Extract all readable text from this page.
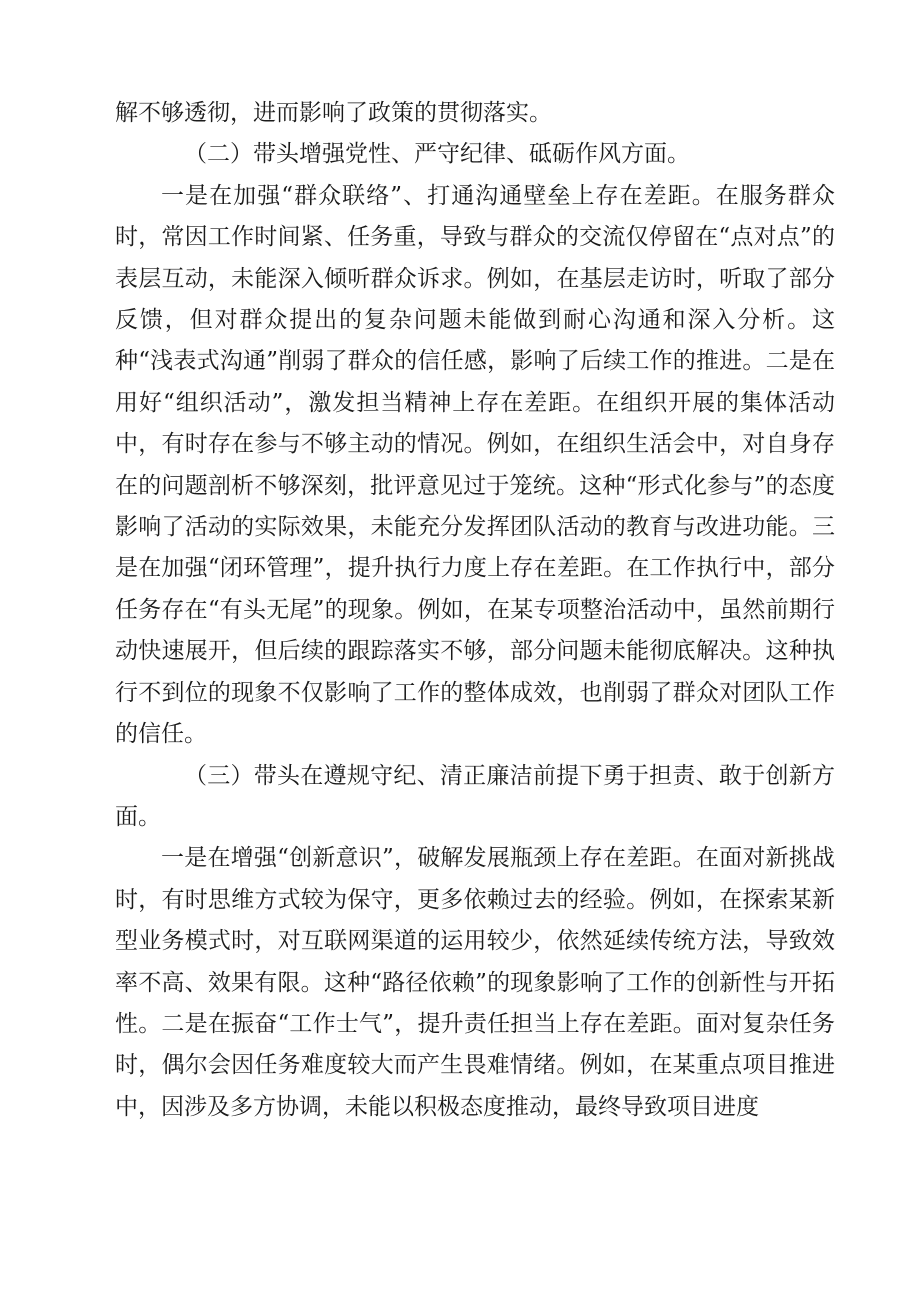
解不够透彻，进而影响了政策的贯彻落实。

（二）带头增强党性、严守纪律、砥砺作风方面。

一是在加强“群众联络”、打通沟通壁垒上存在差距。在服务群众时，常因工作时间紧、任务重，导致与群众的交流仅停留在“点对点”的表层互动，未能深入倾听群众诉求。例如，在基层走访时，听取了部分反馈，但对群众提出的复杂问题未能做到耐心沟通和深入分析。这种“浅表式沟通”削弱了群众的信任感，影响了后续工作的推进。二是在用好“组织活动”，激发担当精神上存在差距。在组织开展的集体活动中，有时存在参与不够主动的情况。例如，在组织生活会中，对自身存在的问题剖析不够深刻，批评意见过于笼统。这种“形式化参与”的态度影响了活动的实际效果，未能充分发挥团队活动的教育与改进功能。三是在加强“闭环管理”，提升执行力度上存在差距。在工作执行中，部分任务存在“有头无尾”的现象。例如，在某专项整治活动中，虽然前期行动快速展开，但后续的跟踪落实不够，部分问题未能彻底解决。这种执行不到位的现象不仅影响了工作的整体成效，也削弱了群众对团队工作的信任。

（三）带头在遵规守纪、清正廉洁前提下勇于担责、敢于创新方面。

一是在增强“创新意识”，破解发展瓶颈上存在差距。在面对新挑战时，有时思维方式较为保守，更多依赖过去的经验。例如，在探索某新型业务模式时，对互联网渠道的运用较少，依然延续传统方法，导致效率不高、效果有限。这种“路径依赖”的现象影响了工作的创新性与开拓性。二是在振奋“工作士气”，提升责任担当上存在差距。面对复杂任务时，偶尔会因任务难度较大而产生畏难情绪。例如，在某重点项目推进中，因涉及多方协调，未能以积极态度推动，最终导致项目进度
